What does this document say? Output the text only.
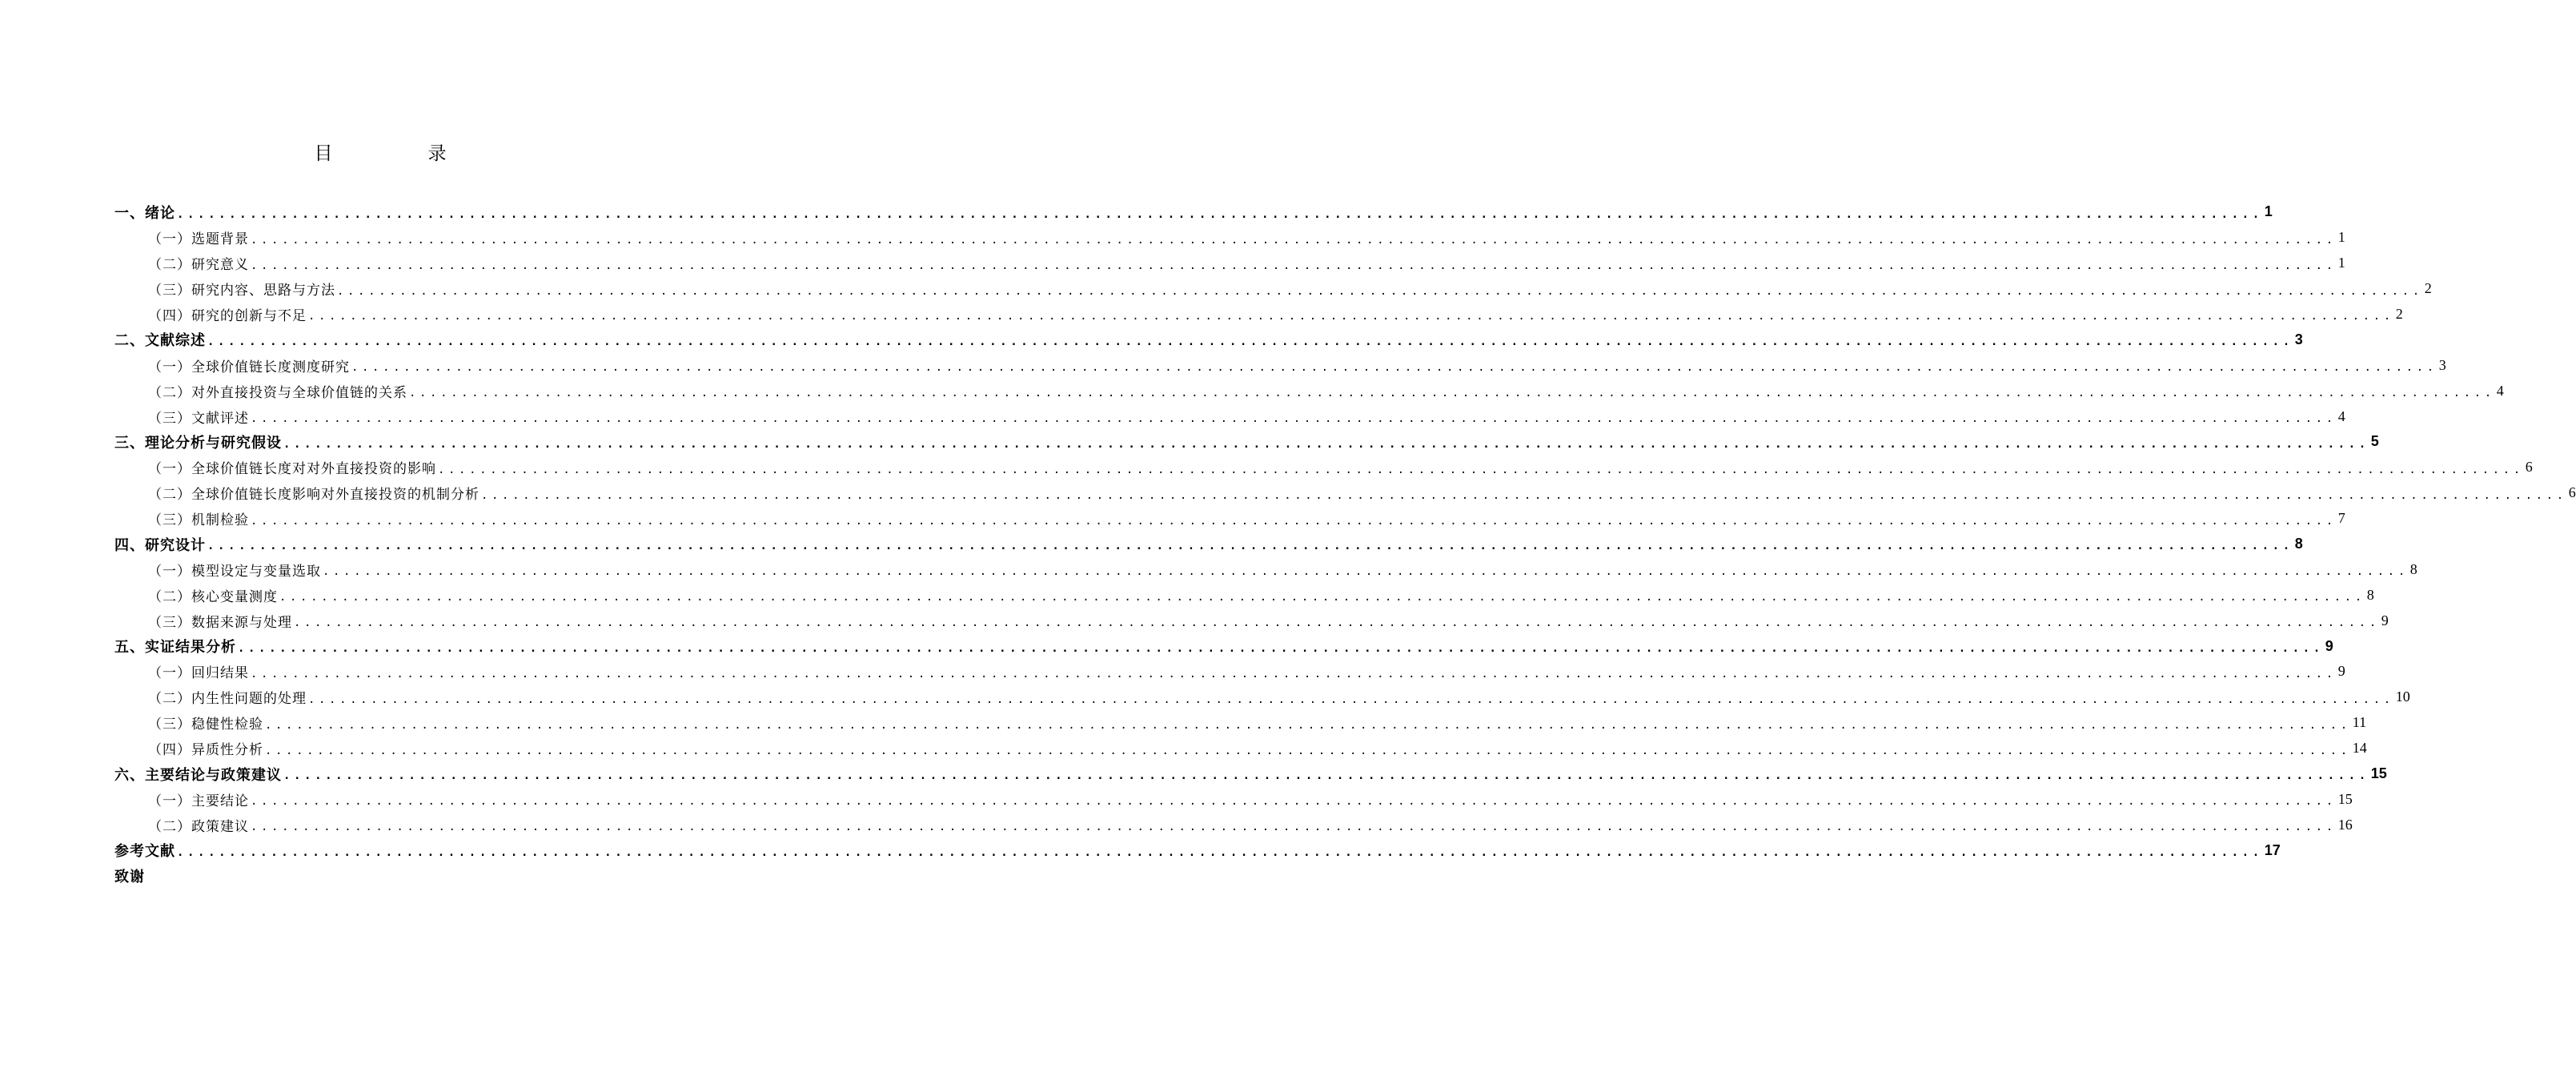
目　录
一、绪论 ........................................................................................................................................................................................................ 1
（一）选题背景 ........................................................................................................................................................................................................ 1
（二）研究意义 ........................................................................................................................................................................................................ 1
（三）研究内容、思路与方法 ........................................................................................................................................................................................................ 2
（四）研究的创新与不足 ........................................................................................................................................................................................................ 2
二、文献综述 ........................................................................................................................................................................................................ 3
（一）全球价值链长度测度研究 ........................................................................................................................................................................................................ 3
（二）对外直接投资与全球价值链的关系 ........................................................................................................................................................................................................ 4
（三）文献评述 ........................................................................................................................................................................................................ 4
三、理论分析与研究假设 ........................................................................................................................................................................................................ 5
（一）全球价值链长度对对外直接投资的影响 ........................................................................................................................................................................................................ 6
（二）全球价值链长度影响对外直接投资的机制分析 ........................................................................................................................................................................................................ 6
（三）机制检验 ........................................................................................................................................................................................................ 7
四、研究设计 ........................................................................................................................................................................................................ 8
（一）模型设定与变量选取 ........................................................................................................................................................................................................ 8
（二）核心变量测度 ........................................................................................................................................................................................................ 8
（三）数据来源与处理 ........................................................................................................................................................................................................ 9
五、实证结果分析 ........................................................................................................................................................................................................ 9
（一）回归结果 ........................................................................................................................................................................................................ 9
（二）内生性问题的处理 ........................................................................................................................................................................................................ 10
（三）稳健性检验 ........................................................................................................................................................................................................ 11
（四）异质性分析 ........................................................................................................................................................................................................ 14
六、主要结论与政策建议 ........................................................................................................................................................................................................ 15
（一）主要结论 ........................................................................................................................................................................................................ 15
（二）政策建议 ........................................................................................................................................................................................................ 16
参考文献 ........................................................................................................................................................................................................ 17
致谢
